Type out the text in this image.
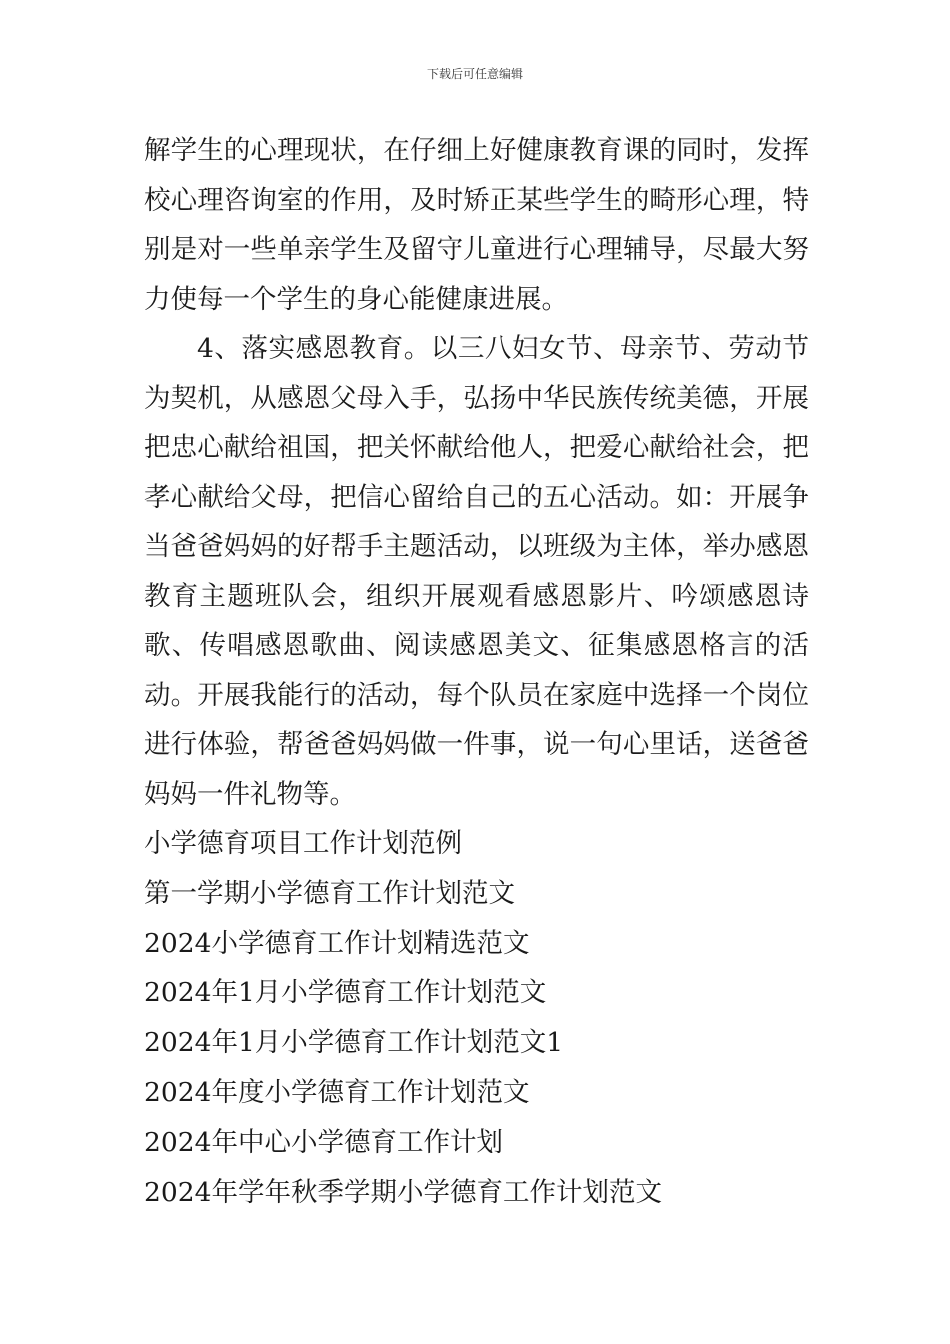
下载后可任意编辑

解学生的心理现状，在仔细上好健康教育课的同时，发挥校心理咨询室的作用，及时矫正某些学生的畸形心理，特别是对一些单亲学生及留守儿童进行心理辅导，尽最大努力使每一个学生的身心能健康进展。

4、落实感恩教育。以三八妇女节、母亲节、劳动节为契机，从感恩父母入手，弘扬中华民族传统美德，开展把忠心献给祖国，把关怀献给他人，把爱心献给社会，把孝心献给父母，把信心留给自己的五心活动。如：开展争当爸爸妈妈的好帮手主题活动，以班级为主体，举办感恩教育主题班队会，组织开展观看感恩影片、吟颂感恩诗歌、传唱感恩歌曲、阅读感恩美文、征集感恩格言的活动。开展我能行的活动，每个队员在家庭中选择一个岗位进行体验，帮爸爸妈妈做一件事，说一句心里话，送爸爸妈妈一件礼物等。

小学德育项目工作计划范例
第一学期小学德育工作计划范文
2024小学德育工作计划精选范文
2024年1月小学德育工作计划范文
2024年1月小学德育工作计划范文1
2024年度小学德育工作计划范文
2024年中心小学德育工作计划
2024年学年秋季学期小学德育工作计划范文
